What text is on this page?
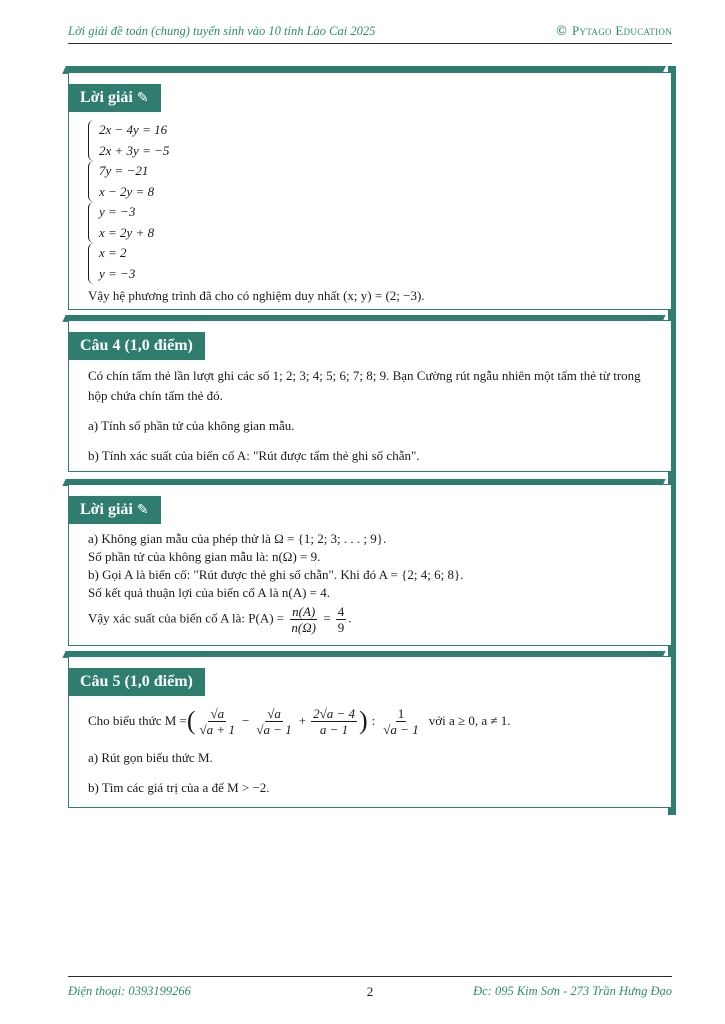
Lời giải đề toán (chung) tuyển sinh vào 10 tỉnh Lào Cai 2025	© Pytago Education
Lời giải ✎
2x − 4y = 16
2x + 3y = −5
7y = −21
x − 2y = 8
y = −3
x = 2y + 8
x = 2
y = −3
Vậy hệ phương trình đã cho có nghiệm duy nhất (x; y) = (2; −3).
Câu 4 (1,0 điểm)
Có chín tấm thẻ lần lượt ghi các số 1; 2; 3; 4; 5; 6; 7; 8; 9. Bạn Cường rút ngẫu nhiên một tấm thẻ từ trong hộp chứa chín tấm thẻ đó.
a) Tính số phần tử của không gian mẫu.
b) Tính xác suất của biến cố A: "Rút được tấm thẻ ghi số chẵn".
Lời giải ✎
a) Không gian mẫu của phép thử là Ω = {1; 2; 3; . . . ; 9}.
Số phần tử của không gian mẫu là: n(Ω) = 9.
b) Gọi A là biến cố: "Rút được thẻ ghi số chẵn". Khi đó A = {2; 4; 6; 8}.
Số kết quả thuận lợi của biến cố A là n(A) = 4.
Vậy xác suất của biến cố A là: $P(A) = \frac{n(A)}{n(\Omega)} = \frac{4}{9}$ .
Câu 5 (1,0 điểm)
Cho biểu thức M = ( $\frac{√a}{√a + 1} - \frac{√a}{√a - 1} + \frac{2√a - 4}{a - 1}$ ) : $\frac{1}{√a - 1}$ với a ≥ 0, a ≠ 1.
a) Rút gọn biểu thức M.
b) Tìm các giá trị của a để M > −2.
Điện thoại: 0393199266	2	Đc: 095 Kim Sơn - 273 Trần Hưng Đạo
